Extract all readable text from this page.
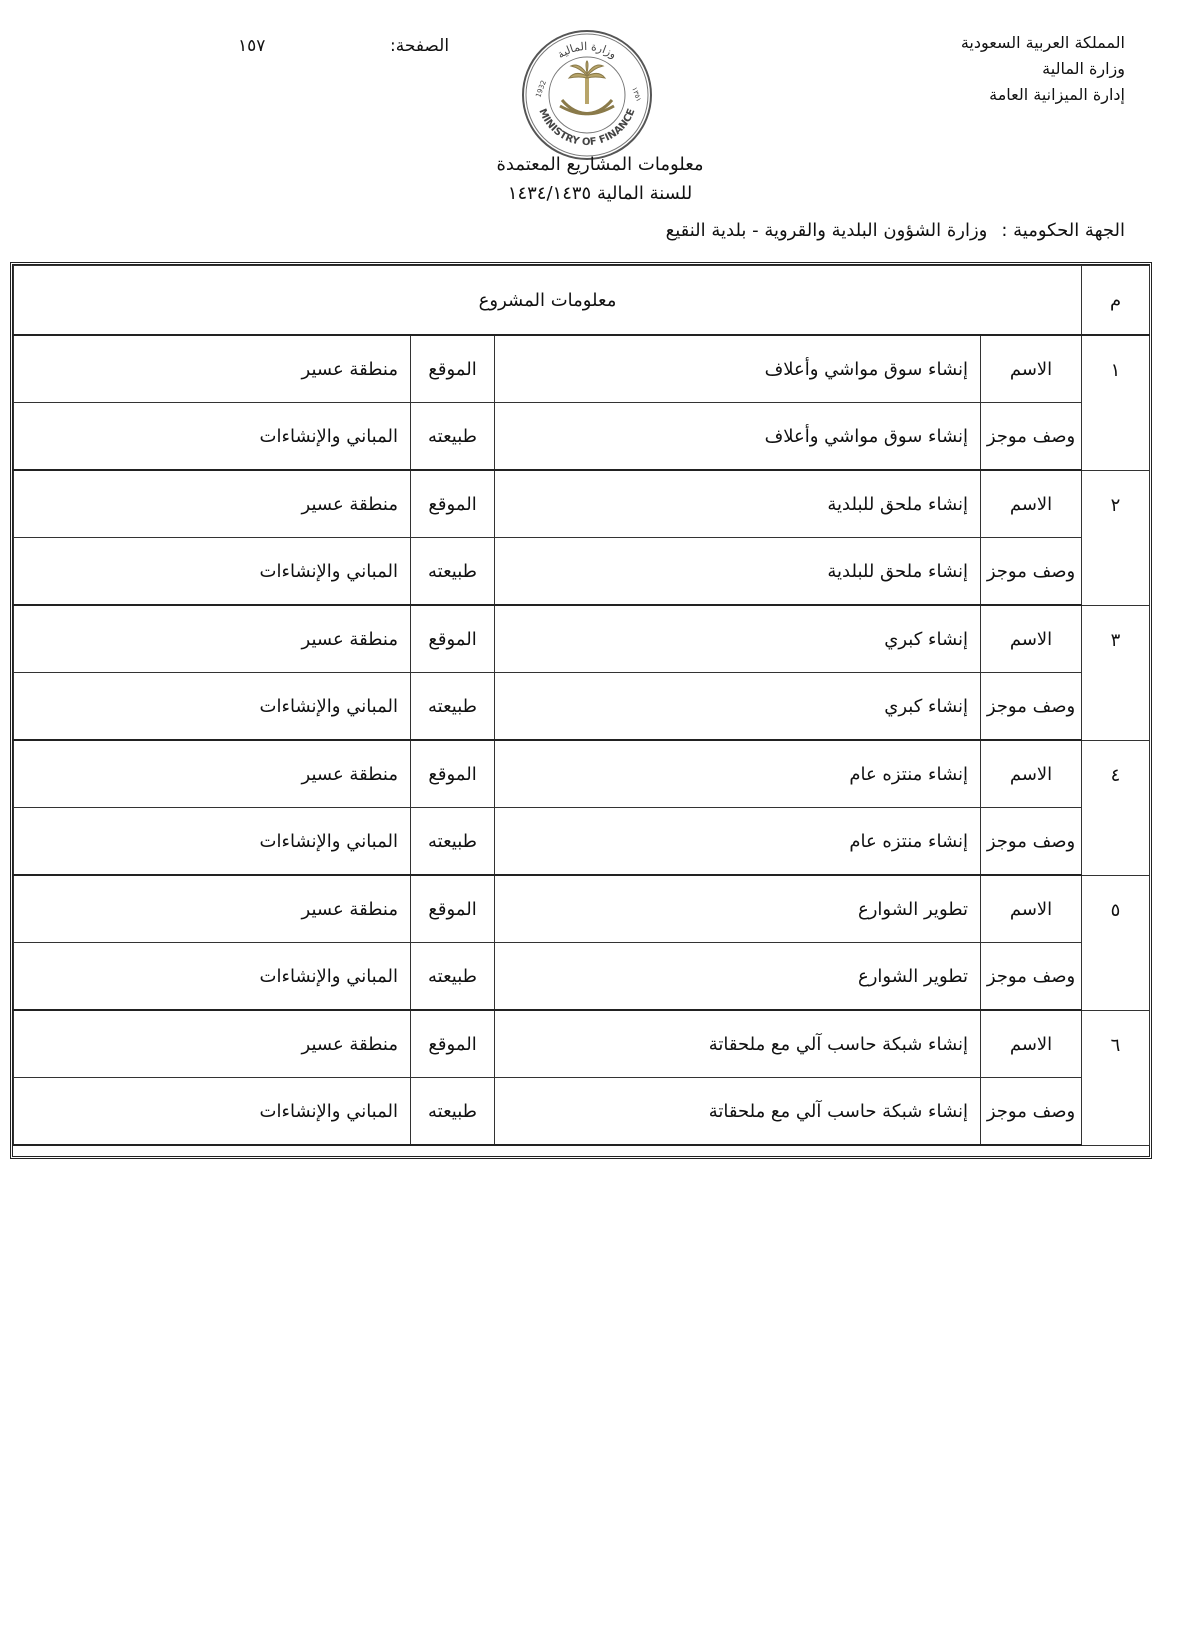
المملكة العربية السعودية
وزارة المالية
إدارة الميزانية العامة
الصفحة:
١٥٧	وزارة المالية
MINISTRY OF FINANCE
1932	١٣٥١
معلومات المشاريع المعتمدة
للسنة المالية ١٤٣٤/١٤٣٥
الجهة الحكومية :وزارة الشؤون البلدية والقروية - بلدية النقيع
م	معلومات المشروع			
١	الاسم	إنشاء سوق مواشي وأعلاف	الموقع	منطقة عسير
	وصف موجز	إنشاء سوق مواشي وأعلاف	طبيعته	المباني والإنشاءات
٢	الاسم	إنشاء ملحق للبلدية	الموقع	منطقة عسير
	وصف موجز	إنشاء ملحق للبلدية	طبيعته	المباني والإنشاءات
٣	الاسم	إنشاء كبري	الموقع	منطقة عسير
	وصف موجز	إنشاء كبري	طبيعته	المباني والإنشاءات
٤	الاسم	إنشاء منتزه عام	الموقع	منطقة عسير
	وصف موجز	إنشاء منتزه عام	طبيعته	المباني والإنشاءات
٥	الاسم	تطوير الشوارع	الموقع	منطقة عسير
	وصف موجز	تطوير الشوارع	طبيعته	المباني والإنشاءات
٦	الاسم	إنشاء شبكة حاسب آلي مع ملحقاتة	الموقع	منطقة عسير
	وصف موجز	إنشاء شبكة حاسب آلي مع ملحقاتة	طبيعته	المباني والإنشاءات
